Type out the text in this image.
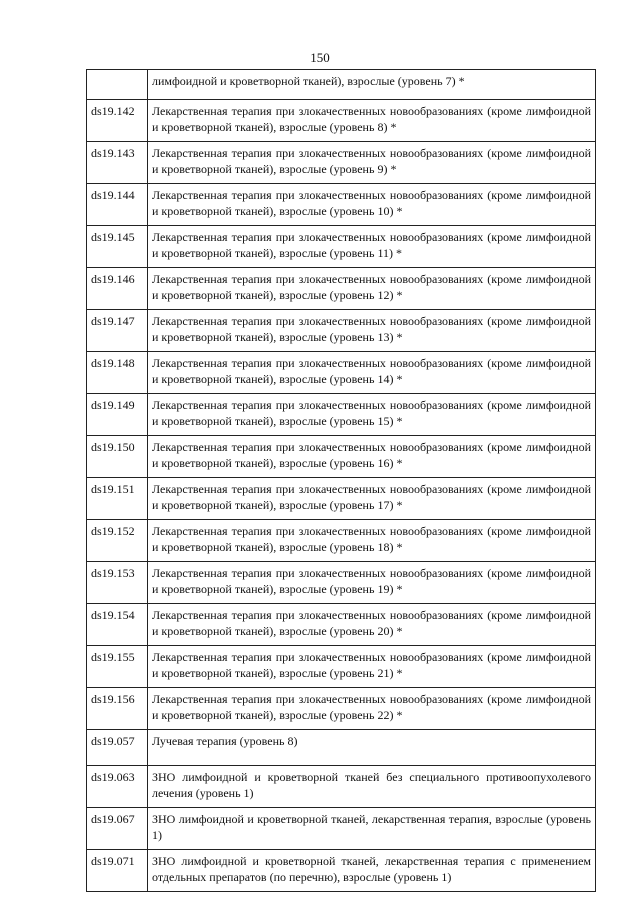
150

	лимфоидной и кроветворной тканей), взрослые (уровень 7) *

ds19.142	Лекарственная терапия при злокачественных новообразованиях (кроме лимфоидной и кроветворной тканей), взрослые (уровень 8) *

ds19.143	Лекарственная терапия при злокачественных новообразованиях (кроме лимфоидной и кроветворной тканей), взрослые (уровень 9) *

ds19.144	Лекарственная терапия при злокачественных новообразованиях (кроме лимфоидной и кроветворной тканей), взрослые (уровень 10) *

ds19.145	Лекарственная терапия при злокачественных новообразованиях (кроме лимфоидной и кроветворной тканей), взрослые (уровень 11) *

ds19.146	Лекарственная терапия при злокачественных новообразованиях (кроме лимфоидной и кроветворной тканей), взрослые (уровень 12) *

ds19.147	Лекарственная терапия при злокачественных новообразованиях (кроме лимфоидной и кроветворной тканей), взрослые (уровень 13) *

ds19.148	Лекарственная терапия при злокачественных новообразованиях (кроме лимфоидной и кроветворной тканей), взрослые (уровень 14) *

ds19.149	Лекарственная терапия при злокачественных новообразованиях (кроме лимфоидной и кроветворной тканей), взрослые (уровень 15) *

ds19.150	Лекарственная терапия при злокачественных новообразованиях (кроме лимфоидной и кроветворной тканей), взрослые (уровень 16) *

ds19.151	Лекарственная терапия при злокачественных новообразованиях (кроме лимфоидной и кроветворной тканей), взрослые (уровень 17) *

ds19.152	Лекарственная терапия при злокачественных новообразованиях (кроме лимфоидной и кроветворной тканей), взрослые (уровень 18) *

ds19.153	Лекарственная терапия при злокачественных новообразованиях (кроме лимфоидной и кроветворной тканей), взрослые (уровень 19) *

ds19.154	Лекарственная терапия при злокачественных новообразованиях (кроме лимфоидной и кроветворной тканей), взрослые (уровень 20) *

ds19.155	Лекарственная терапия при злокачественных новообразованиях (кроме лимфоидной и кроветворной тканей), взрослые (уровень 21) *

ds19.156	Лекарственная терапия при злокачественных новообразованиях (кроме лимфоидной и кроветворной тканей), взрослые (уровень 22) *

ds19.057	Лучевая терапия (уровень 8)

ds19.063	ЗНО лимфоидной и кроветворной тканей без специального противоопухолевого лечения (уровень 1)

ds19.067	ЗНО лимфоидной и кроветворной тканей, лекарственная терапия, взрослые (уровень 1)

ds19.071	ЗНО лимфоидной и кроветворной тканей, лекарственная терапия с применением отдельных препаратов (по перечню), взрослые (уровень 1)
